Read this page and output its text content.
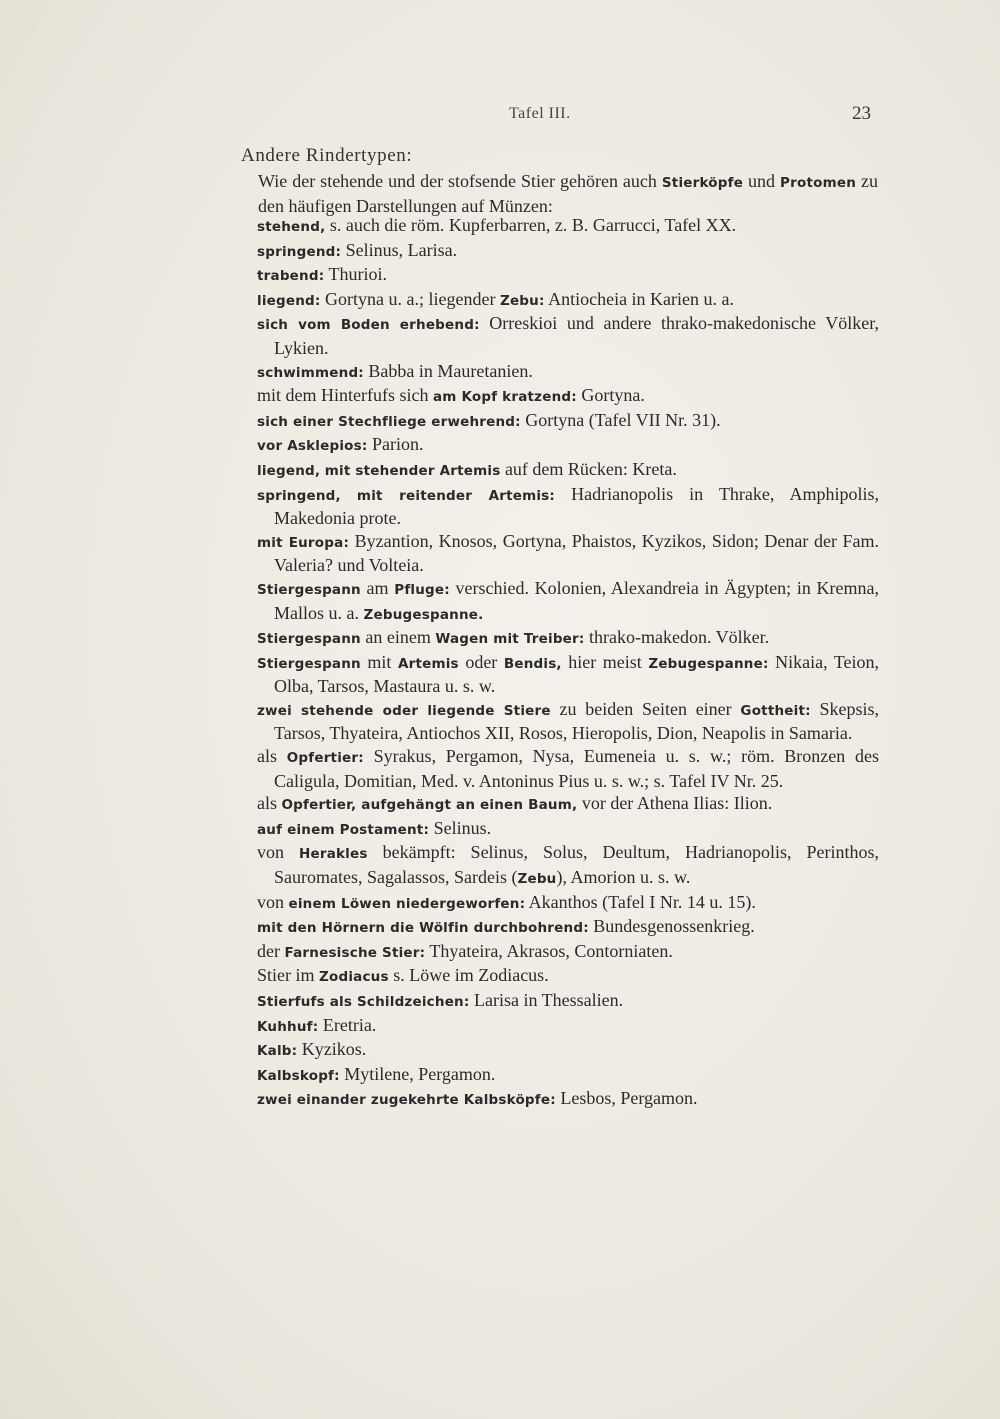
Tafel III.	23
Andere Rindertypen:

Wie der stehende und der stofsende Stier gehören auch Stierköpfe und Protomen zu den häufigen Darstellungen auf Münzen:

stehend, s. auch die röm. Kupferbarren, z. B. Garrucci, Tafel XX.
springend: Selinus, Larisa.
trabend: Thurioi.
liegend: Gortyna u. a.; liegender Zebu: Antiocheia in Karien u. a.
sich vom Boden erhebend: Orreskioi und andere thrako-makedonische Völker, Lykien.
schwimmend: Babba in Mauretanien.
mit dem Hinterfufs sich am Kopf kratzend: Gortyna.
sich einer Stechfliege erwehrend: Gortyna (Tafel VII Nr. 31).
vor Asklepios: Parion.
liegend, mit stehender Artemis auf dem Rücken: Kreta.
springend, mit reitender Artemis: Hadrianopolis in Thrake, Amphipolis, Makedonia prote.
mit Europa: Byzantion, Knosos, Gortyna, Phaistos, Kyzikos, Sidon; Denar der Fam. Valeria? und Volteia.
Stiergespann am Pfluge: verschied. Kolonien, Alexandreia in Ägypten; in Kremna, Mallos u. a. Zebugespanne.
Stiergespann an einem Wagen mit Treiber: thrako-makedon. Völker.
Stiergespann mit Artemis oder Bendis, hier meist Zebugespanne: Nikaia, Teion, Olba, Tarsos, Mastaura u. s. w.
zwei stehende oder liegende Stiere zu beiden Seiten einer Gottheit: Skepsis, Tarsos, Thyateira, Antiochos XII, Rosos, Hieropolis, Dion, Neapolis in Samaria.
als Opfertier: Syrakus, Pergamon, Nysa, Eumeneia u. s. w.; röm. Bronzen des Caligula, Domitian, Med. v. Antoninus Pius u. s. w.; s. Tafel IV Nr. 25.
als Opfertier, aufgehängt an einen Baum, vor der Athena Ilias: Ilion.
auf einem Postament: Selinus.
von Herakles bekämpft: Selinus, Solus, Deultum, Hadrianopolis, Perinthos, Sauromates, Sagalassos, Sardeis (Zebu), Amorion u. s. w.
von einem Löwen niedergeworfen: Akanthos (Tafel I Nr. 14 u. 15).
mit den Hörnern die Wölfin durchbohrend: Bundesgenossenkrieg.
der Farnesische Stier: Thyateira, Akrasos, Contorniaten.
Stier im Zodiacus s. Löwe im Zodiacus.
Stierfufs als Schildzeichen: Larisa in Thessalien.
Kuhhuf: Eretria.
Kalb: Kyzikos.
Kalbskopf: Mytilene, Pergamon.
zwei einander zugekehrte Kalbsköpfe: Lesbos, Pergamon.
